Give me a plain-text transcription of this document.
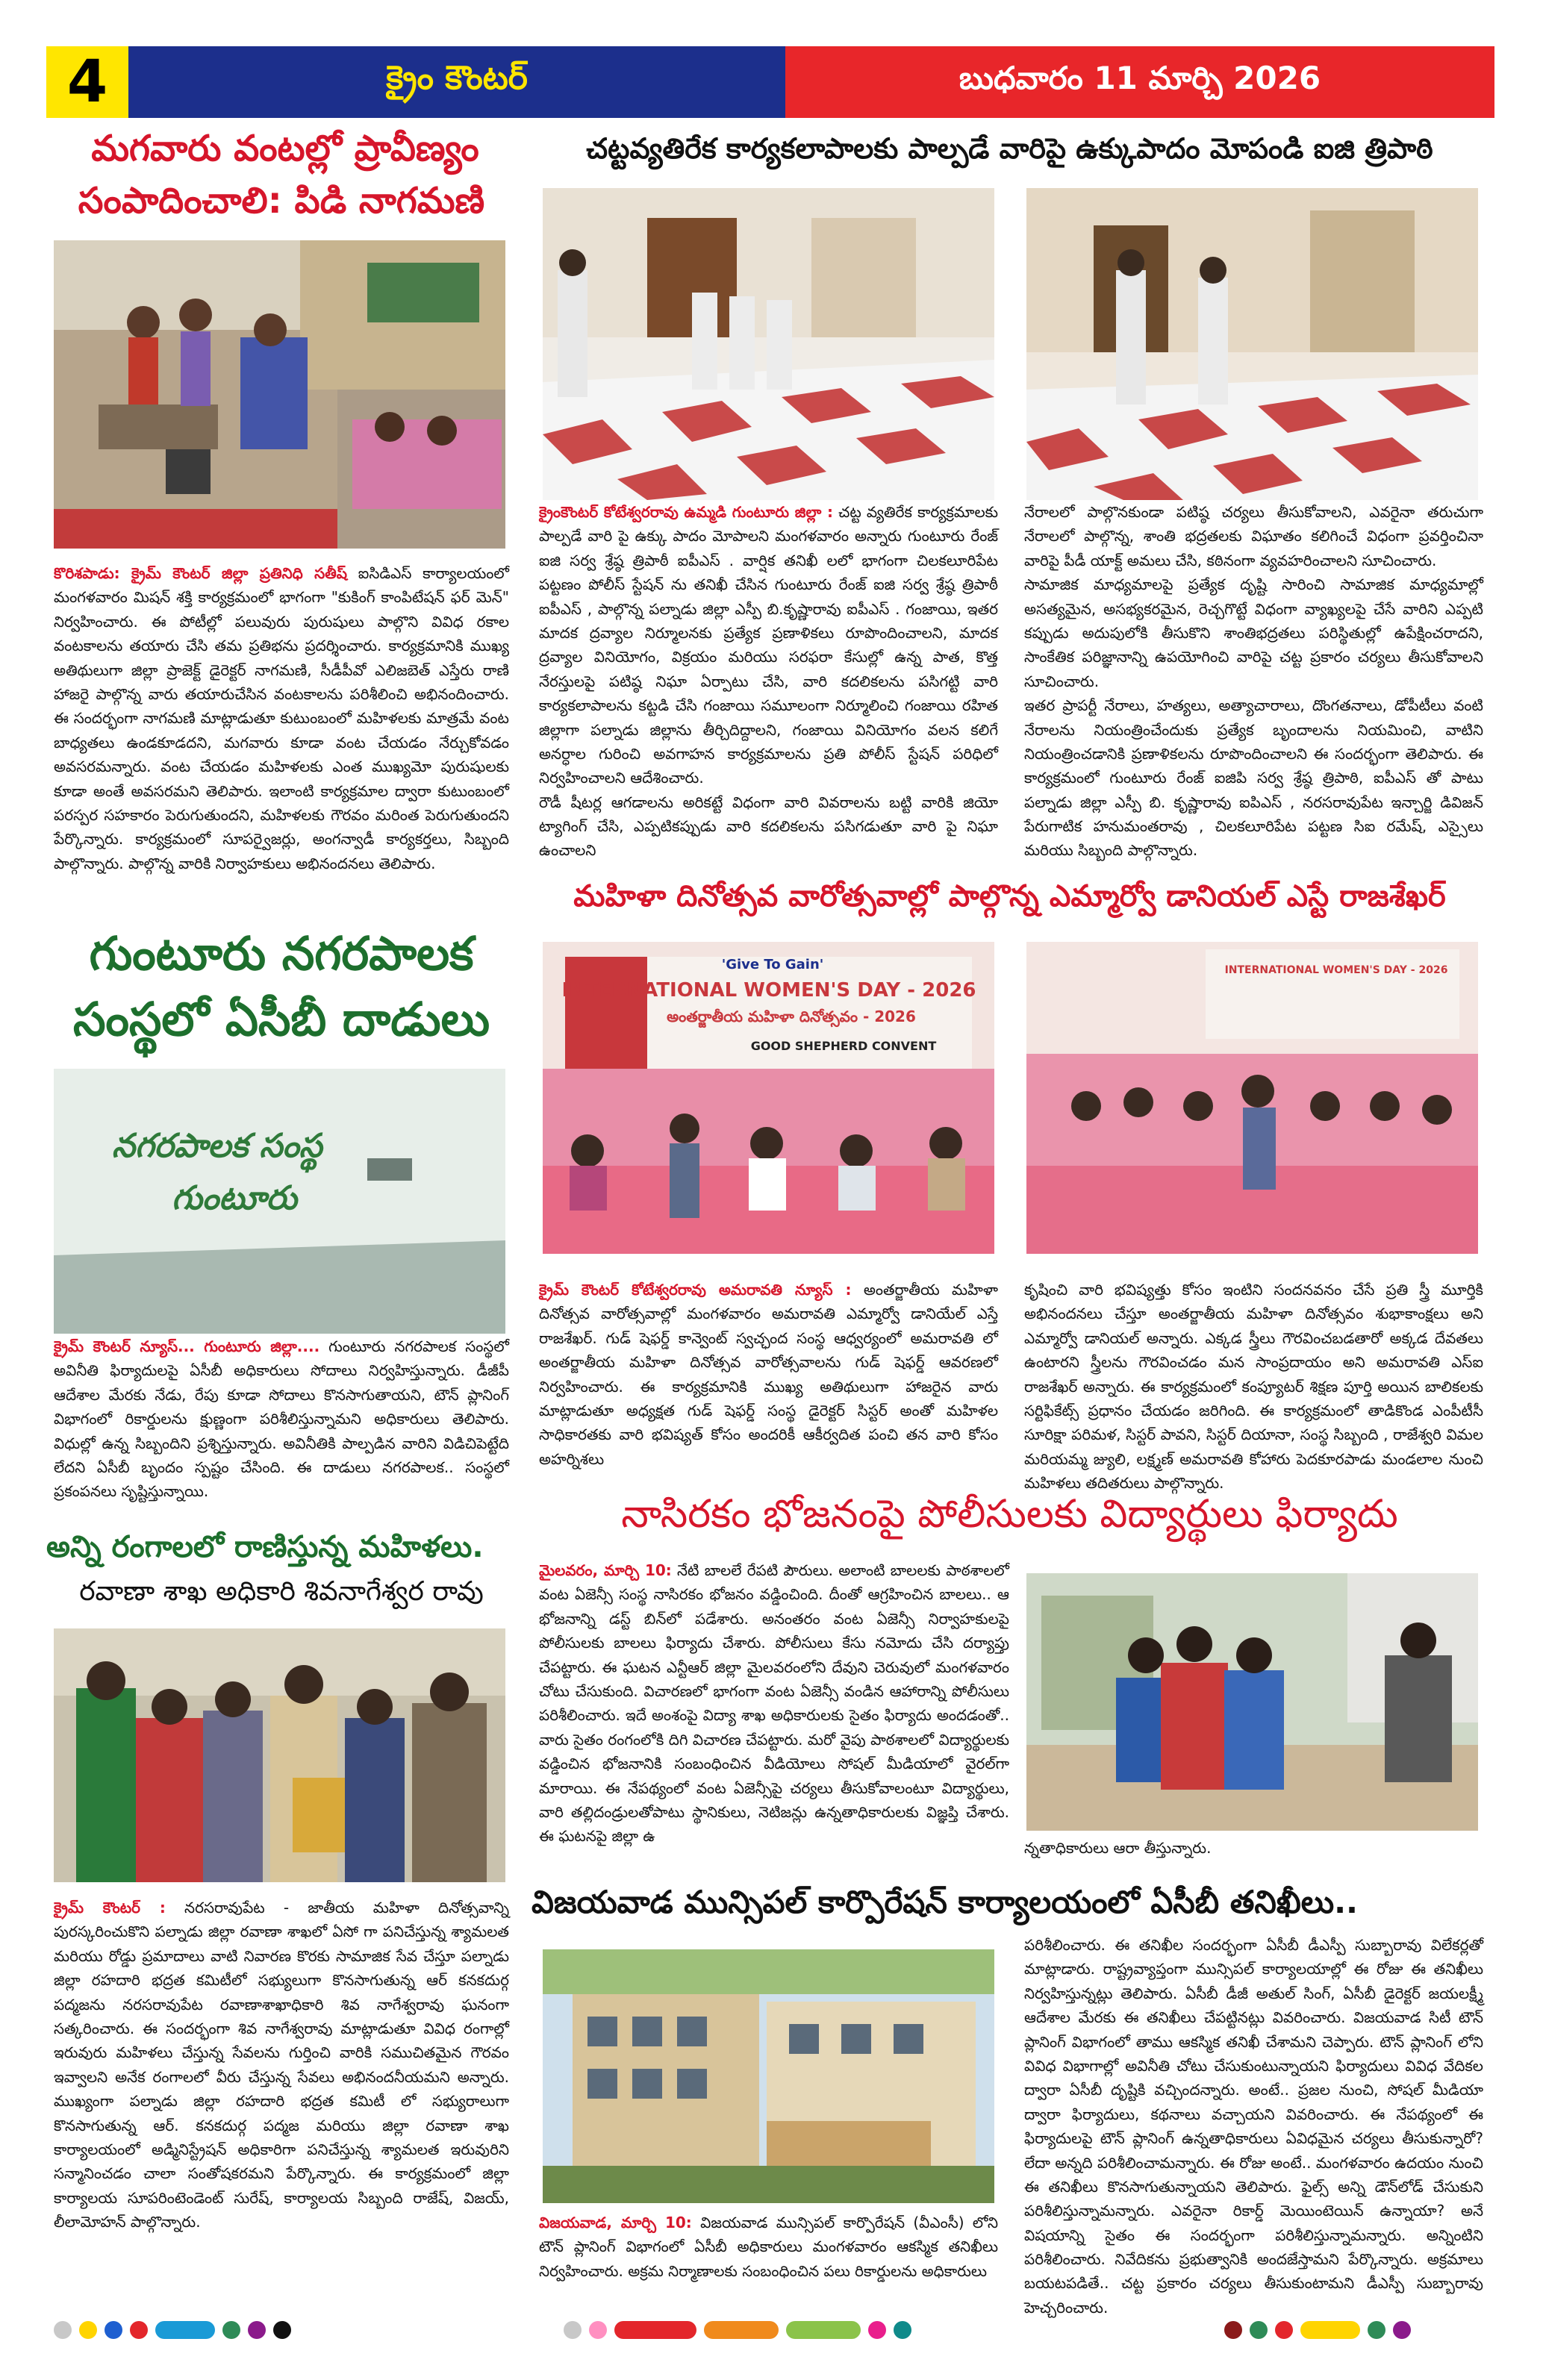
4	క్రైం కౌంటర్	బుధవారం 11 మార్చి 2026
మగవారు వంటల్లో ప్రావీణ్యం
సంపాదించాలి: పిడి నాగమణి
కొరిశపాడు: క్రైమ్ కౌంటర్ జిల్లా ప్రతినిధి సతీష్ ఐసిడిఎస్ కార్యాలయంలో మంగళవారం మిషన్ శక్తి కార్యక్రమంలో భాగంగా "కుకింగ్ కాంపిటేషన్ ఫర్ మెన్" నిర్వహించారు. ఈ పోటీల్లో పలువురు పురుషులు పాల్గొని వివిధ రకాల వంటకాలను తయారు చేసి తమ ప్రతిభను ప్రదర్శించారు. కార్యక్రమానికి ముఖ్య అతిథులుగా జిల్లా ప్రాజెక్ట్ డైరెక్టర్ నాగమణి, సీడీపీవో ఎలిజబెత్ ఎస్తేరు రాణి హాజరై పాల్గొన్న వారు తయారుచేసిన వంటకాలను పరిశీలించి అభినందించారు. ఈ సందర్భంగా నాగమణి మాట్లాడుతూ కుటుంబంలో మహిళలకు మాత్రమే వంట బాధ్యతలు ఉండకూడదని, మగవారు కూడా వంట చేయడం నేర్చుకోవడం అవసరమన్నారు. వంట చేయడం మహిళలకు ఎంత ముఖ్యమో పురుషులకు కూడా అంతే అవసరమని తెలిపారు. ఇలాంటి కార్యక్రమాల ద్వారా కుటుంబంలో పరస్పర సహకారం పెరుగుతుందని, మహిళలకు గౌరవం మరింత పెరుగుతుందని పేర్కొన్నారు. కార్యక్రమంలో సూపర్వైజర్లు, అంగన్వాడీ కార్యకర్తలు, సిబ్బంది పాల్గొన్నారు. పాల్గొన్న వారికి నిర్వాహకులు అభినందనలు తెలిపారు.
గుంటూరు నగరపాలక
సంస్థలో ఏసీబీ దాడులు
నగరపాలక సంస్థ
గుంటూరు
క్రైమ్ కౌంటర్ న్యూస్... గుంటూరు జిల్లా.... గుంటూరు నగరపాలక సంస్థలో అవినీతి ఫిర్యాదులపై ఏసీబీ అధికారులు సోదాలు నిర్వహిస్తున్నారు. డీజీపీ ఆదేశాల మేరకు నేడు, రేపు కూడా సోదాలు కొనసాగుతాయని, టౌన్ ప్లానింగ్ విభాగంలో రికార్డులను క్షుణ్ణంగా పరిశీలిస్తున్నామని అధికారులు తెలిపారు. విధుల్లో ఉన్న సిబ్బందిని ప్రశ్నిస్తున్నారు. అవినీతికి పాల్పడిన వారిని విడిచిపెట్టేది లేదని ఏసీబీ బృందం స్పష్టం చేసింది. ఈ దాడులు నగరపాలక.. సంస్థలో ప్రకంపనలు సృష్టిస్తున్నాయి.
అన్ని రంగాలలో రాణిస్తున్న మహిళలు.
రవాణా శాఖ అధికారి శివనాగేశ్వర రావు
క్రైమ్ కౌంటర్ : నరసరావుపేట - జాతీయ మహిళా దినోత్సవాన్ని పురస్కరించుకొని పల్నాడు జిల్లా రవాణా శాఖలో ఏసో గా పనిచేస్తున్న శ్యామలత మరియు రోడ్డు ప్రమాదాలు వాటి నివారణ కొరకు సామాజిక సేవ చేస్తూ పల్నాడు జిల్లా రహదారి భద్రత కమిటీలో సభ్యులుగా కొనసాగుతున్న ఆర్ కనకదుర్గ పద్మజను నరసరావుపేట రవాణాశాఖాధికారి శివ నాగేశ్వరావు ఘనంగా సత్కరించారు. ఈ సందర్భంగా శివ నాగేశ్వరావు మాట్లాడుతూ వివిధ రంగాల్లో ఇరువురు మహిళలు చేస్తున్న సేవలను గుర్తించి వారికి సముచితమైన గౌరవం ఇవ్వాలని అనేక రంగాలలో వీరు చేస్తున్న సేవలు అభినందనీయమని అన్నారు. ముఖ్యంగా పల్నాడు జిల్లా రహదారి భద్రత కమిటీ లో సభ్యురాలుగా కొనసాగుతున్న ఆర్. కనకదుర్గ పద్మజ మరియు జిల్లా రవాణా శాఖ కార్యాలయంలో అడ్మినిస్ట్రేషన్ అధికారిగా పనిచేస్తున్న శ్యామలత ఇరువురిని సన్మానించడం చాలా సంతోషకరమని పేర్కొన్నారు. ఈ కార్యక్రమంలో జిల్లా కార్యాలయ సూపరింటెండెంట్ సురేష్, కార్యాలయ సిబ్బంది రాజేష్, విజయ్, లీలామోహన్ పాల్గొన్నారు.
చట్టవ్యతిరేక కార్యకలాపాలకు పాల్పడే వారిపై ఉక్కుపాదం మోపండి ఐజి త్రిపాఠి
క్రైంకౌంటర్ కోటేశ్వరరావు ఉమ్మడి గుంటూరు జిల్లా : చట్ట వ్యతిరేక కార్యక్రమాలకు పాల్పడే వారి పై ఉక్కు పాదం మోపాలని మంగళవారం అన్నారు గుంటూరు రేంజ్ ఐజి సర్వ శ్రేష్ఠ త్రిపాఠీ ఐపీఎస్ . వార్షిక తనిఖీ లలో భాగంగా చిలకలూరిపేట పట్టణం పోలీస్ స్టేషన్ ను తనిఖీ చేసిన గుంటూరు రేంజ్ ఐజి సర్వ శ్రేష్ఠ త్రిపాఠీ ఐపీఎస్ , పాల్గొన్న పల్నాడు జిల్లా ఎస్పీ బి.కృష్ణారావు ఐపీఎస్ . గంజాయి, ఇతర మాదక ద్రవ్యాల నిర్మూలనకు ప్రత్యేక ప్రణాళికలు రూపొందించాలని, మాదక ద్రవ్యాల వినియోగం, విక్రయం మరియు సరఫరా కేసుల్లో ఉన్న పాత, కొత్త నేరస్తులపై పటిష్ఠ నిఘా ఏర్పాటు చేసి, వారి కదలికలను పసిగట్టి వారి కార్యకలాపాలను కట్టడి చేసి గంజాయి సమూలంగా నిర్మూలించి గంజాయి రహిత జిల్లాగా పల్నాడు జిల్లాను తీర్చిదిద్దాలని, గంజాయి వినియోగం వలన కలిగే అనర్ధాల గురించి అవగాహన కార్యక్రమాలను ప్రతి పోలీస్ స్టేషన్ పరిధిలో నిర్వహించాలని ఆదేశించారు.
రౌడీ షీటర్ల ఆగడాలను అరికట్టే విధంగా వారి వివరాలను బట్టి వారికి జియో ట్యాగింగ్ చేసి, ఎప్పటికప్పుడు వారి కదలికలను పసిగడుతూ వారి పై నిఘా ఉంచాలని
నేరాలలో పాల్గొనకుండా పటిష్ఠ చర్యలు తీసుకోవాలని, ఎవరైనా తరుచుగా నేరాలలో పాల్గొన్న, శాంతి భద్రతలకు విఘాతం కలిగించే విధంగా ప్రవర్తించినా వారిపై పీడీ యాక్ట్ అమలు చేసి, కఠినంగా వ్యవహరించాలని సూచించారు.
సామాజిక మాధ్యమాలపై ప్రత్యేక దృష్టి సారించి సామాజిక మాధ్యమాల్లో అసత్యమైన, అసభ్యకరమైన, రెచ్చగొట్టే విధంగా వ్యాఖ్యలపై చేసే వారిని ఎప్పటి కప్పుడు అదుపులోకి తీసుకొని శాంతిభద్రతలు పరిస్థితుల్లో ఉపేక్షించరాదని, సాంకేతిక పరిజ్ఞానాన్ని ఉపయోగించి వారిపై చట్ట ప్రకారం చర్యలు తీసుకోవాలని సూచించారు.
ఇతర ప్రాపర్టీ నేరాలు, హత్యలు, అత్యాచారాలు, దొంగతనాలు, డోపీటీలు వంటి నేరాలను నియంత్రించేందుకు ప్రత్యేక బృందాలను నియమించి, వాటిని నియంత్రించడానికి ప్రణాళికలను రూపొందించాలని ఈ సందర్భంగా తెలిపారు. ఈ కార్యక్రమంలో గుంటూరు రేంజ్ ఐజిపి సర్వ శ్రేష్ఠ త్రిపాఠి, ఐపీఎస్ తో పాటు పల్నాడు జిల్లా ఎస్పీ బి. కృష్ణారావు ఐపిఎస్ , నరసరావుపేట ఇన్చార్జి డివిజన్ పేరుగాటిక హనుమంతరావు , చిలకలూరిపేట పట్టణ సిఐ రమేష్, ఎస్సైలు మరియు సిబ్బంది పాల్గొన్నారు.
మహిళా దినోత్సవ వారోత్సవాల్లో పాల్గొన్న ఎమ్మార్వో డానియల్ ఎస్టే రాజశేఖర్
'Give To Gain'
INTERNATIONAL WOMEN'S DAY - 2026
అంతర్జాతీయ మహిళా దినోత్సవం - 2026
GOOD SHEPHERD CONVENT
INTERNATIONAL WOMEN'S DAY - 2026
క్రైమ్ కౌంటర్ కోటేశ్వరరావు అమరావతి న్యూస్ : అంతర్జాతీయ మహిళా దినోత్సవ వారోత్సవాల్లో మంగళవారం అమరావతి ఎమ్మార్వో డానియేల్ ఎస్తే రాజశేఖర్. గుడ్ షెఫర్డ్ కాన్వెంట్ స్వచ్ఛంద సంస్థ ఆధ్వర్యంలో అమరావతి లో అంతర్జాతీయ మహిళా దినోత్సవ వారోత్సవాలను గుడ్ షెఫర్డ్ ఆవరణలో నిర్వహించారు. ఈ కార్యక్రమానికి ముఖ్య అతిథులుగా హాజరైన వారు మాట్లాడుతూ అధ్యక్షత గుడ్ షెఫర్డ్ సంస్థ డైరెక్టర్ సిస్టర్ అంతో మహిళల సాధికారతకు వారి భవిష్యత్ కోసం అందరికీ ఆకీర్వదిత పంచి తన వారి కోసం అహర్నిశలు
కృషించి వారి భవిష్యత్తు కోసం ఇంటిని సందనవనం చేసే ప్రతి స్త్రీ మూర్తికి అభినందనలు చేస్తూ అంతర్జాతీయ మహిళా దినోత్సవం శుభాకాంక్షలు అని ఎమ్మార్వో డానియల్ అన్నారు. ఎక్కడ స్త్రీలు గౌరవించబడతారో అక్కడ దేవతలు ఉంటారని స్త్రీలను గౌరవించడం మన సాంప్రదాయం అని అమరావతి ఎస్ఐ రాజశేఖర్ అన్నారు. ఈ కార్యక్రమంలో కంప్యూటర్ శిక్షణ పూర్తి అయిన బాలికలకు సర్టిఫికేట్స్ ప్రధానం చేయడం జరిగింది. ఈ కార్యక్రమంలో తాడికొండ ఎంపీటీసీ సూరిక్షా పరిమళ, సిస్టర్ పావని, సిస్టర్ దియానా, సంస్థ సిబ్బంది , రాజేశ్వరి విమల మరియమ్మ జ్యులి, లక్ష్మణ్ అమరావతి కోహారు పెదకూరపాడు మండలాల నుంచి మహిళలు తదితరులు పాల్గొన్నారు.
నాసిరకం భోజనంపై పోలీసులకు విద్యార్థులు ఫిర్యాదు
మైలవరం, మార్చి 10: నేటి బాలలే రేపటి పౌరులు. అలాంటి బాలలకు పాఠశాలలో వంట ఏజెన్సీ సంస్థ నాసిరకం భోజనం వడ్డించింది. దీంతో ఆగ్రహించిన బాలలు.. ఆ భోజనాన్ని డస్ట్ బిన్‌లో పడేశారు. అనంతరం వంట ఏజెన్సీ నిర్వాహకులపై పోలీసులకు బాలలు ఫిర్యాదు చేశారు. పోలీసులు కేసు నమోదు చేసి దర్యాప్తు చేపట్టారు. ఈ ఘటన ఎన్టీఆర్ జిల్లా మైలవరంలోని దేవుని చెరువులో మంగళవారం చోటు చేసుకుంది. విచారణలో భాగంగా వంట ఏజెన్సీ వండిన ఆహారాన్ని పోలీసులు పరిశీలించారు. ఇదే అంశంపై విద్యా శాఖ అధికారులకు సైతం ఫిర్యాదు అందడంతో.. వారు సైతం రంగంలోకి దిగి విచారణ చేపట్టారు. మరో వైపు పాఠశాలలో విద్యార్థులకు వడ్డించిన భోజనానికి సంబంధించిన వీడియోలు సోషల్ మీడియాలో వైరల్‌గా మారాయి. ఈ నేపథ్యంలో వంట ఏజెన్సీపై చర్యలు తీసుకోవాలంటూ విద్యార్థులు, వారి తల్లిదండ్రులతోపాటు స్థానికులు, నెటిజన్లు ఉన్నతాధికారులకు విజ్ఞప్తి చేశారు. ఈ ఘటనపై జిల్లా ఉ
న్నతాధికారులు ఆరా తీస్తున్నారు.
విజయవాడ మున్సిపల్ కార్పొరేషన్ కార్యాలయంలో ఏసీబీ తనిఖీలు..
విజయవాడ, మార్చి 10: విజయవాడ మున్సిపల్ కార్పొరేషన్ (వీఎంసీ) లోని టౌన్ ప్లానింగ్ విభాగంలో ఏసీబీ అధికారులు మంగళవారం ఆకస్మిక తనిఖీలు నిర్వహించారు. అక్రమ నిర్మాణాలకు సంబంధించిన పలు రికార్డులను అధికారులు
పరిశీలించారు. ఈ తనిఖీల సందర్భంగా ఏసీబీ డీఎస్పీ సుబ్బారావు విలేకర్లతో మాట్లాడారు. రాష్ట్రవ్యాప్తంగా మున్సిపల్ కార్యాలయాల్లో ఈ రోజు ఈ తనిఖీలు నిర్వహిస్తున్నట్లు తెలిపారు. ఏసీబీ డీజీ అతుల్ సింగ్, ఏసీబీ డైరెక్టర్ జయలక్ష్మీ ఆదేశాల మేరకు ఈ తనిఖీలు చేపట్టినట్లు వివరించారు. విజయవాడ సిటీ టౌన్ ప్లానింగ్ విభాగంలో తాము ఆకస్మిక తనిఖీ చేశామని చెప్పారు. టౌన్ ప్లానింగ్ లోని వివిధ విభాగాల్లో అవినీతి చోటు చేసుకుంటున్నాయని ఫిర్యాదులు వివిధ వేదికల ద్వారా ఏసీబీ దృష్టికి వచ్చిందన్నారు. అంటే.. ప్రజల నుంచి, సోషల్ మీడియా ద్వారా ఫిర్యాదులు, కథనాలు వచ్చాయని వివరించారు. ఈ నేపథ్యంలో ఈ ఫిర్యాదులపై టౌన్ ప్లానింగ్ ఉన్నతాధికారులు ఏవిధమైన చర్యలు తీసుకున్నారో? లేదా అన్నది పరిశీలించామన్నారు. ఈ రోజు అంటే.. మంగళవారం ఉదయం నుంచి ఈ తనిఖీలు కొనసాగుతున్నాయని తెలిపారు. ఫైల్స్ అన్ని డౌన్‌లోడ్ చేసుకుని పరిశీలిస్తున్నామన్నారు. ఎవరైనా రికార్డ్ మెయింటెయిన్ ఉన్నాయా? అనే విషయాన్ని సైతం ఈ సందర్భంగా పరిశీలిస్తున్నామన్నారు. అన్నింటిని పరిశీలించారు. నివేదికను ప్రభుత్వానికి అందజేస్తామని పేర్కొన్నారు. అక్రమాలు బయటపడితే.. చట్ట ప్రకారం చర్యలు తీసుకుంటామని డీఎస్పీ సుబ్బారావు హెచ్చరించారు.
